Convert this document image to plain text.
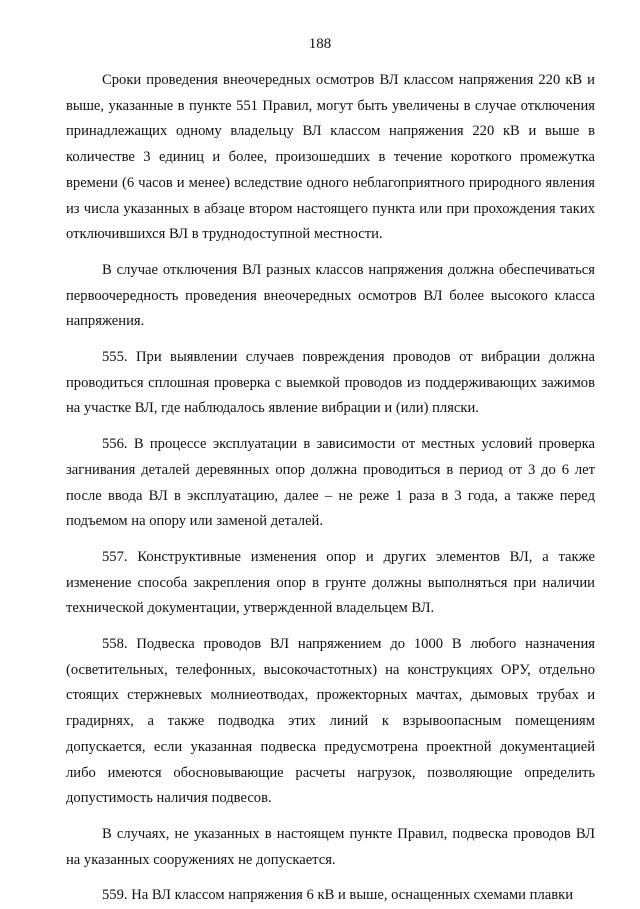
188

Сроки проведения внеочередных осмотров ВЛ классом напряжения 220 кВ и выше, указанные в пункте 551 Правил, могут быть увеличены в случае отключения принадлежащих одному владельцу ВЛ классом напряжения 220 кВ и выше в количестве 3 единиц и более, произошедших в течение короткого промежутка времени (6 часов и менее) вследствие одного неблагоприятного природного явления из числа указанных в абзаце втором настоящего пункта или при прохождения таких отключившихся ВЛ в труднодоступной местности.

В случае отключения ВЛ разных классов напряжения должна обеспечиваться первоочередность проведения внеочередных осмотров ВЛ более высокого класса напряжения.

555. При выявлении случаев повреждения проводов от вибрации должна проводиться сплошная проверка с выемкой проводов из поддерживающих зажимов на участке ВЛ, где наблюдалось явление вибрации и (или) пляски.

556. В процессе эксплуатации в зависимости от местных условий проверка загнивания деталей деревянных опор должна проводиться в период от 3 до 6 лет после ввода ВЛ в эксплуатацию, далее – не реже 1 раза в 3 года, а также перед подъемом на опору или заменой деталей.

557. Конструктивные изменения опор и других элементов ВЛ, а также изменение способа закрепления опор в грунте должны выполняться при наличии технической документации, утвержденной владельцем ВЛ.

558. Подвеска проводов ВЛ напряжением до 1000 В любого назначения (осветительных, телефонных, высокочастотных) на конструкциях ОРУ, отдельно стоящих стержневых молниеотводах, прожекторных мачтах, дымовых трубах и градирнях, а также подводка этих линий к взрывоопасным помещениям допускается, если указанная подвеска предусмотрена проектной документацией либо имеются обосновывающие расчеты нагрузок, позволяющие определить допустимость наличия подвесов.

В случаях, не указанных в настоящем пункте Правил, подвеска проводов ВЛ на указанных сооружениях не допускается.

559. На ВЛ классом напряжения 6 кВ и выше, оснащенных схемами плавки
